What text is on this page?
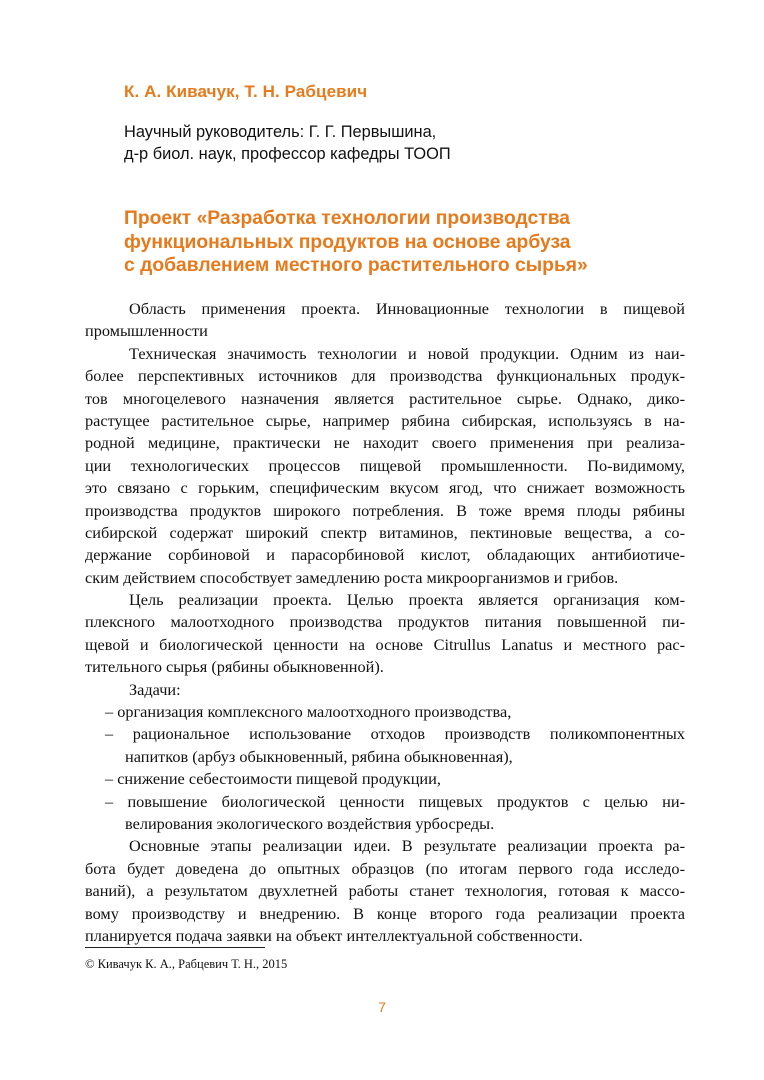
К. А. Кивачук, Т. Н. Рабцевич
Научный руководитель: Г. Г. Первышина,
д-р биол. наук, профессор кафедры ТООП
Проект «Разработка технологии производства
функциональных продуктов на основе арбуза
с добавлением местного растительного сырья»
Область применения проекта. Инновационные технологии в пищевой
промышленности
Техническая значимость технологии и новой продукции. Одним из наи-
более перспективных источников для производства функциональных продук-
тов многоцелевого назначения является растительное сырье. Однако, дико-
растущее растительное сырье, например рябина сибирская, используясь в на-
родной медицине, практически не находит своего применения при реализа-
ции технологических процессов пищевой промышленности. По-видимому,
это связано с горьким, специфическим вкусом ягод, что снижает возможность
производства продуктов широкого потребления. В тоже время плоды рябины
сибирской содержат широкий спектр витаминов, пектиновые вещества, а со-
держание сорбиновой и парасорбиновой кислот, обладающих антибиотиче-
ским действием способствует замедлению роста микроорганизмов и грибов.
Цель реализации проекта. Целью проекта является организация ком-
плексного малоотходного производства продуктов питания повышенной пи-
щевой и биологической ценности на основе Citrullus Lanatus и местного рас-
тительного сырья (рябины обыкновенной).
Задачи:
– организация комплексного малоотходного производства,
– рациональное использование отходов производств поликомпонентных
напитков (арбуз обыкновенный, рябина обыкновенная),
– снижение себестоимости пищевой продукции,
– повышение биологической ценности пищевых продуктов с целью ни-
велирования экологического воздействия урбосреды.
Основные этапы реализации идеи. В результате реализации проекта ра-
бота будет доведена до опытных образцов (по итогам первого года исследо-
ваний), а результатом двухлетней работы станет технология, готовая к массо-
вому производству и внедрению. В конце второго года реализации проекта
планируется подача заявки на объект интеллектуальной собственности.
© Кивачук К. А., Рабцевич Т. Н., 2015
7
